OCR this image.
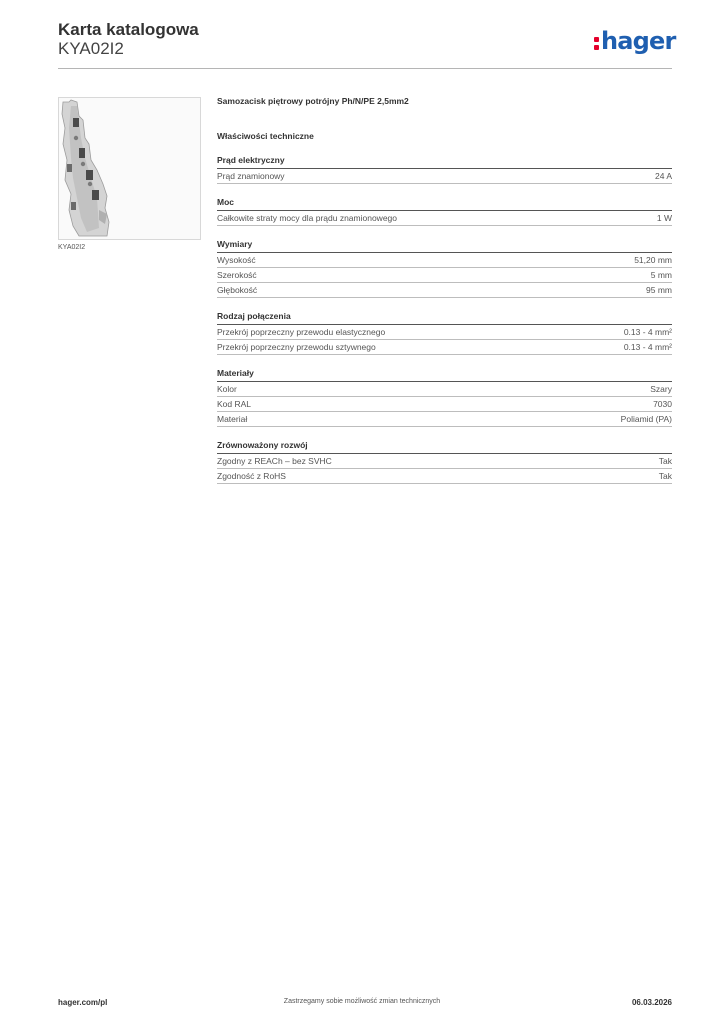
Karta katalogowa
KYA02I2	hager
KYA02I2
Samozacisk piętrowy potrójny Ph/N/PE 2,5mm2
Właściwości techniczne
Prąd elektryczny
Prąd znamionowy	24 A
Moc
Całkowite straty mocy dla prądu znamionowego	1 W
Wymiary
Wysokość	51,20 mm
Szerokość	5 mm
Głębokość	95 mm
Rodzaj połączenia
Przekrój poprzeczny przewodu elastycznego	0.13 - 4 mm²
Przekrój poprzeczny przewodu sztywnego	0.13 - 4 mm²
Materiały
Kolor	Szary
Kod RAL	7030
Materiał	Poliamid (PA)
Zrównoważony rozwój
Zgodny z REACh – bez SVHC	Tak
Zgodność z RoHS	Tak
Zastrzegamy sobie możliwość zmian technicznych
hager.com/pl	06.03.2026
